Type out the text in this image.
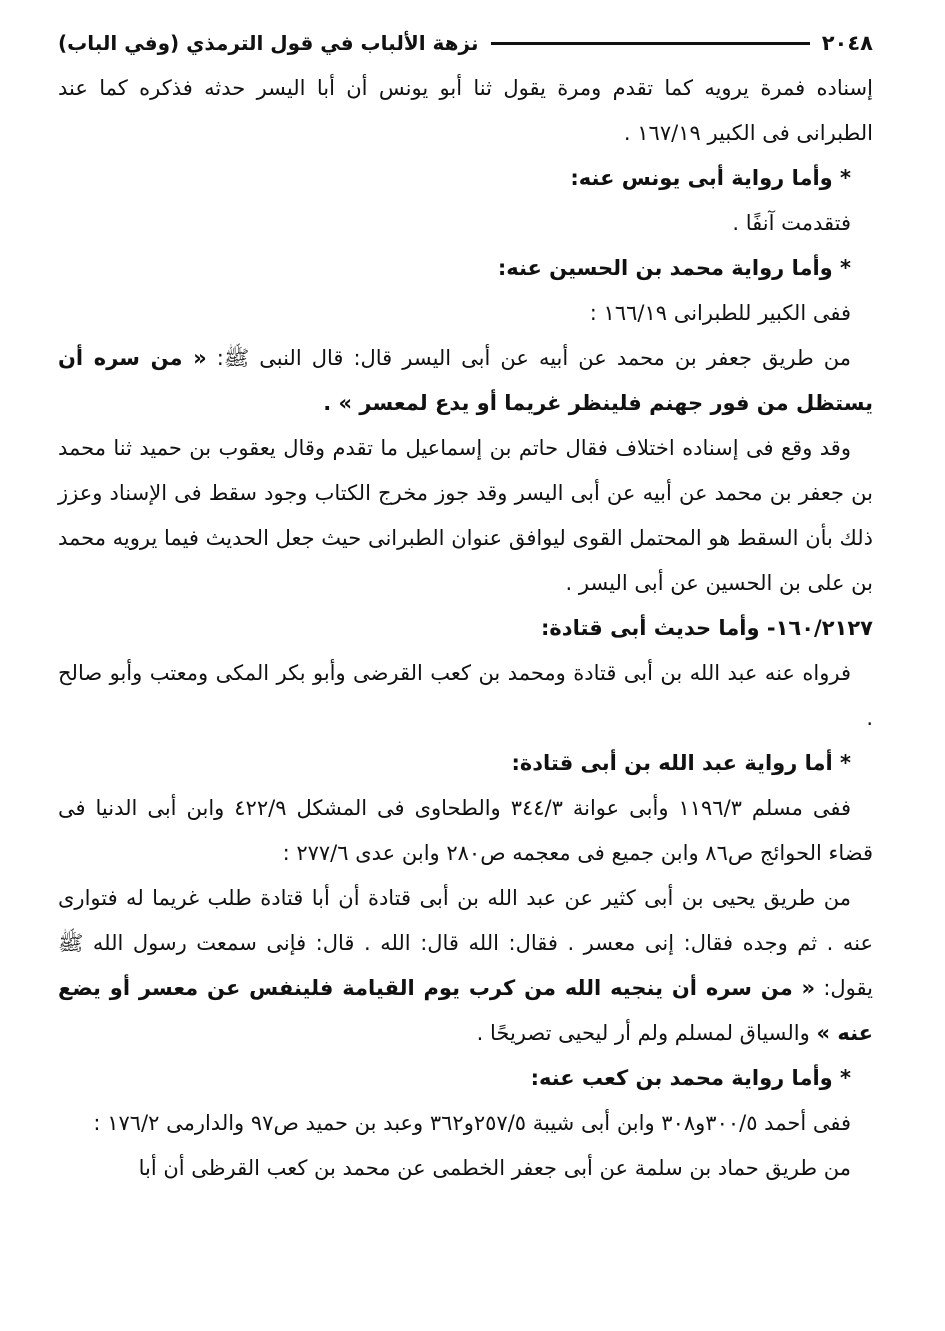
٢٠٤٨
نزهة الألباب في قول الترمذي (وفي الباب)

إسناده فمرة يرويه كما تقدم ومرة يقول ثنا أبو يونس أن أبا اليسر حدثه فذكره كما عند الطبرانى فى الكبير ١٦٧/١٩ .

* وأما رواية أبى يونس عنه:

فتقدمت آنفًا .

* وأما رواية محمد بن الحسين عنه:

ففى الكبير للطبرانى ١٦٦/١٩ :

من طريق جعفر بن محمد عن أبيه عن أبى اليسر قال: قال النبى ﷺ: « من سره أن يستظل من فور جهنم فلينظر غريما أو يدع لمعسر » .

وقد وقع فى إسناده اختلاف فقال حاتم بن إسماعيل ما تقدم وقال يعقوب بن حميد ثنا محمد بن جعفر بن محمد عن أبيه عن أبى اليسر وقد جوز مخرج الكتاب وجود سقط فى الإسناد وعزز ذلك بأن السقط هو المحتمل القوى ليوافق عنوان الطبرانى حيث جعل الحديث فيما يرويه محمد بن على بن الحسين عن أبى اليسر .

١٦٠/٢١٢٧- وأما حديث أبى قتادة:

فرواه عنه عبد الله بن أبى قتادة ومحمد بن كعب القرضى وأبو بكر المكى ومعتب وأبو صالح .

* أما رواية عبد الله بن أبى قتادة:

ففى مسلم ١١٩٦/٣ وأبى عوانة ٣٤٤/٣ والطحاوى فى المشكل ٤٢٢/٩ وابن أبى الدنيا فى قضاء الحوائج ص٨٦ وابن جميع فى معجمه ص٢٨٠ وابن عدى ٢٧٧/٦ :

من طريق يحيى بن أبى كثير عن عبد الله بن أبى قتادة أن أبا قتادة طلب غريما له فتوارى عنه . ثم وجده فقال: إنى معسر . فقال: الله قال: الله . قال: فإنى سمعت رسول الله ﷺ يقول: « من سره أن ينجيه الله من كرب يوم القيامة فلينفس عن معسر أو يضع عنه » والسياق لمسلم ولم أر ليحيى تصريحًا .

* وأما رواية محمد بن كعب عنه:

ففى أحمد ٣٠٠/٥و٣٠٨ وابن أبى شيبة ٢٥٧/٥و٣٦٢ وعبد بن حميد ص٩٧ والدارمى ١٧٦/٢ :

من طريق حماد بن سلمة عن أبى جعفر الخطمى عن محمد بن كعب القرظى أن أبا
